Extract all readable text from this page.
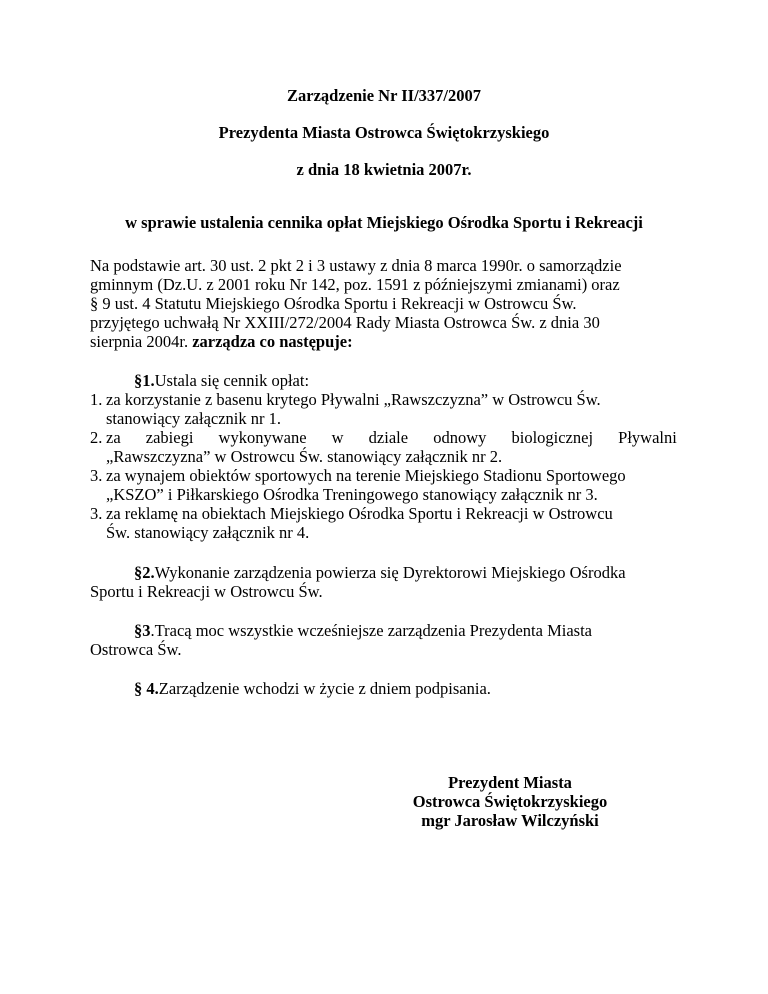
Zarządzenie Nr II/337/2007

Prezydenta Miasta Ostrowca Świętokrzyskiego

z dnia 18 kwietnia 2007r.

w sprawie ustalenia cennika opłat Miejskiego Ośrodka Sportu i Rekreacji

Na podstawie art. 30 ust. 2 pkt 2 i 3 ustawy z dnia 8 marca 1990r. o samorządzie

gminnym (Dz.U. z 2001 roku Nr 142, poz. 1591 z późniejszymi zmianami) oraz

§ 9 ust. 4 Statutu Miejskiego Ośrodka Sportu i Rekreacji w Ostrowcu Św.

przyjętego uchwałą Nr XXIII/272/2004 Rady Miasta Ostrowca Św. z dnia 30

sierpnia 2004r. zarządza co następuje:

§1.Ustala się cennik opłat:

1. za korzystanie z basenu krytego Pływalni „Rawszczyzna” w Ostrowcu Św.
stanowiący załącznik nr 1.
2. za zabiegi wykonywane w dziale odnowy biologicznej Pływalni
„Rawszczyzna” w Ostrowcu Św. stanowiący załącznik nr 2.
3. za wynajem obiektów sportowych na terenie Miejskiego Stadionu Sportowego
„KSZO” i Piłkarskiego Ośrodka Treningowego stanowiący załącznik nr 3.
3. za reklamę na obiektach Miejskiego Ośrodka Sportu i Rekreacji w Ostrowcu
Św. stanowiący załącznik nr 4.

§2.Wykonanie zarządzenia powierza się Dyrektorowi Miejskiego Ośrodka

Sportu i Rekreacji w Ostrowcu Św.

§3.Tracą moc wszystkie wcześniejsze zarządzenia Prezydenta Miasta

Ostrowca Św.

§ 4.Zarządzenie wchodzi w życie z dniem podpisania.

Prezydent Miasta

Ostrowca Świętokrzyskiego

mgr Jarosław Wilczyński
